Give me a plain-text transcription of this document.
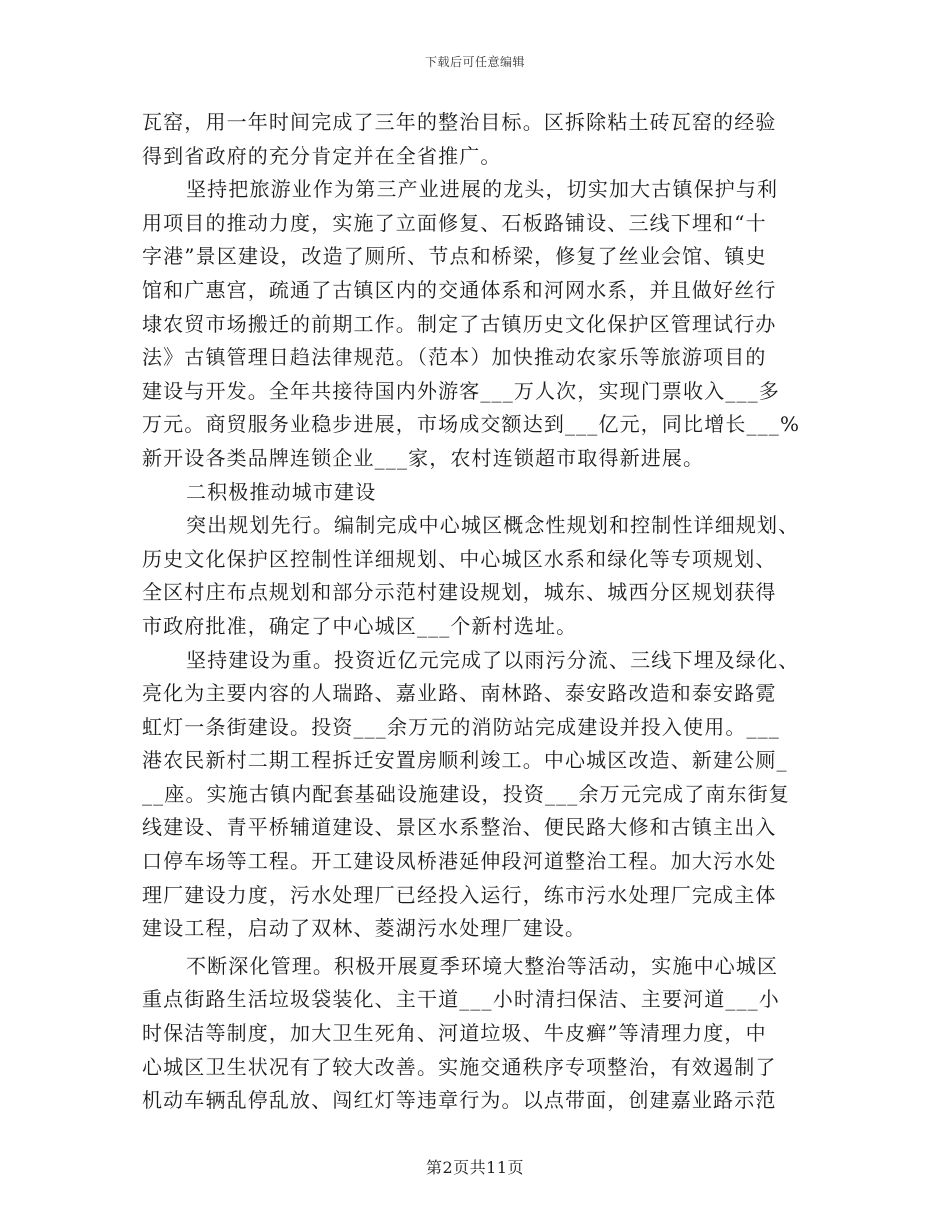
下载后可任意编辑
瓦窑，用一年时间完成了三年的整治目标。区拆除粘土砖瓦窑的经验
得到省政府的充分肯定并在全省推广。
坚持把旅游业作为第三产业进展的龙头，切实加大古镇保护与利
用项目的推动力度，实施了立面修复、石板路铺设、三线下埋和“十
字港”景区建设，改造了厕所、节点和桥梁，修复了丝业会馆、镇史
馆和广惠宫，疏通了古镇区内的交通体系和河网水系，并且做好丝行
埭农贸市场搬迁的前期工作。制定了古镇历史文化保护区管理试行办
法》古镇管理日趋法律规范。（范本）加快推动农家乐等旅游项目的
建设与开发。全年共接待国内外游客___万人次，实现门票收入___多
万元。商贸服务业稳步进展，市场成交额达到___亿元，同比增长___%
新开设各类品牌连锁企业___家，农村连锁超市取得新进展。
二积极推动城市建设
突出规划先行。编制完成中心城区概念性规划和控制性详细规划、
历史文化保护区控制性详细规划、中心城区水系和绿化等专项规划、
全区村庄布点规划和部分示范村建设规划，城东、城西分区规划获得
市政府批准，确定了中心城区___个新村选址。
坚持建设为重。投资近亿元完成了以雨污分流、三线下埋及绿化、
亮化为主要内容的人瑞路、嘉业路、南林路、泰安路改造和泰安路霓
虹灯一条街建设。投资___余万元的消防站完成建设并投入使用。___
港农民新村二期工程拆迁安置房顺利竣工。中心城区改造、新建公厕_
__座。实施古镇内配套基础设施建设，投资___余万元完成了南东街复
线建设、青平桥辅道建设、景区水系整治、便民路大修和古镇主出入
口停车场等工程。开工建设凤桥港延伸段河道整治工程。加大污水处
理厂建设力度，污水处理厂已经投入运行，练市污水处理厂完成主体
建设工程，启动了双林、菱湖污水处理厂建设。
不断深化管理。积极开展夏季环境大整治等活动，实施中心城区
重点街路生活垃圾袋装化、主干道___小时清扫保洁、主要河道___小
时保洁等制度，加大卫生死角、河道垃圾、牛皮癣”等清理力度，中
心城区卫生状况有了较大改善。实施交通秩序专项整治，有效遏制了
机动车辆乱停乱放、闯红灯等违章行为。以点带面，创建嘉业路示范
第2页共11页
